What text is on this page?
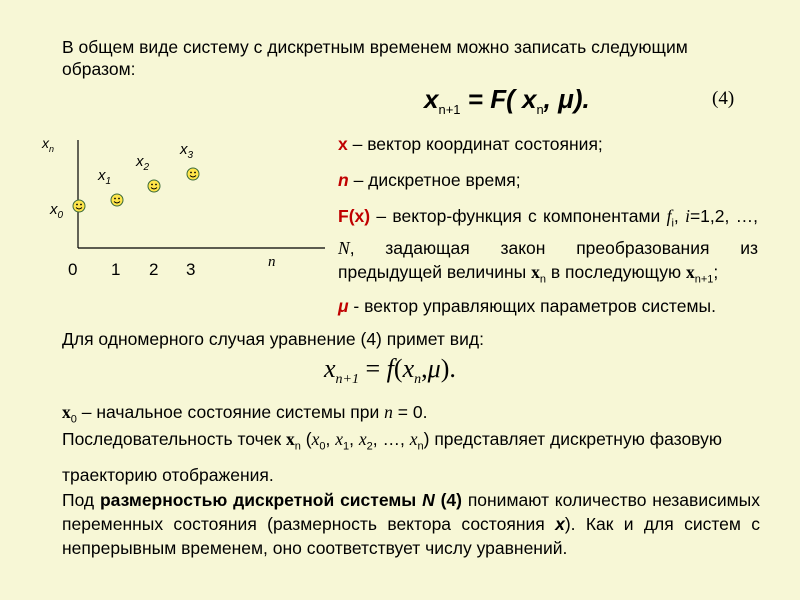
В общем виде систему с дискретным временем можно записать следующим образом:
$x_{n+1} = F$( $x_n$, μ).	(4)
$x_n$
n
0 1 2 3
$x_0$
$x_1$
$x_2$
$x_3$

x – вектор координат состояния;

n – дискретное время;

F(x) – вектор-функция с компонентами $f_i$, i=1,2, …, N, задающая закон преобразования из предыдущей величины $x_n$ в последующую $x_{n+1}$;

μ - вектор управляющих параметров системы.

Для одномерного случая уравнение (4) примет вид:
$x_{n+1} = f(x_n,\mu)$.

$x_0$ – начальное состояние системы при n = 0.

Последовательность точек $x_n$ ($x_0$, $x_1$, $x_2$, …, $x_n$) представляет дискретную фазовую траекторию отображения.

Под размерностью дискретной системы N (4) понимают количество независимых переменных состояния (размерность вектора состояния x). Как и для систем с непрерывным временем, оно соответствует числу уравнений.
